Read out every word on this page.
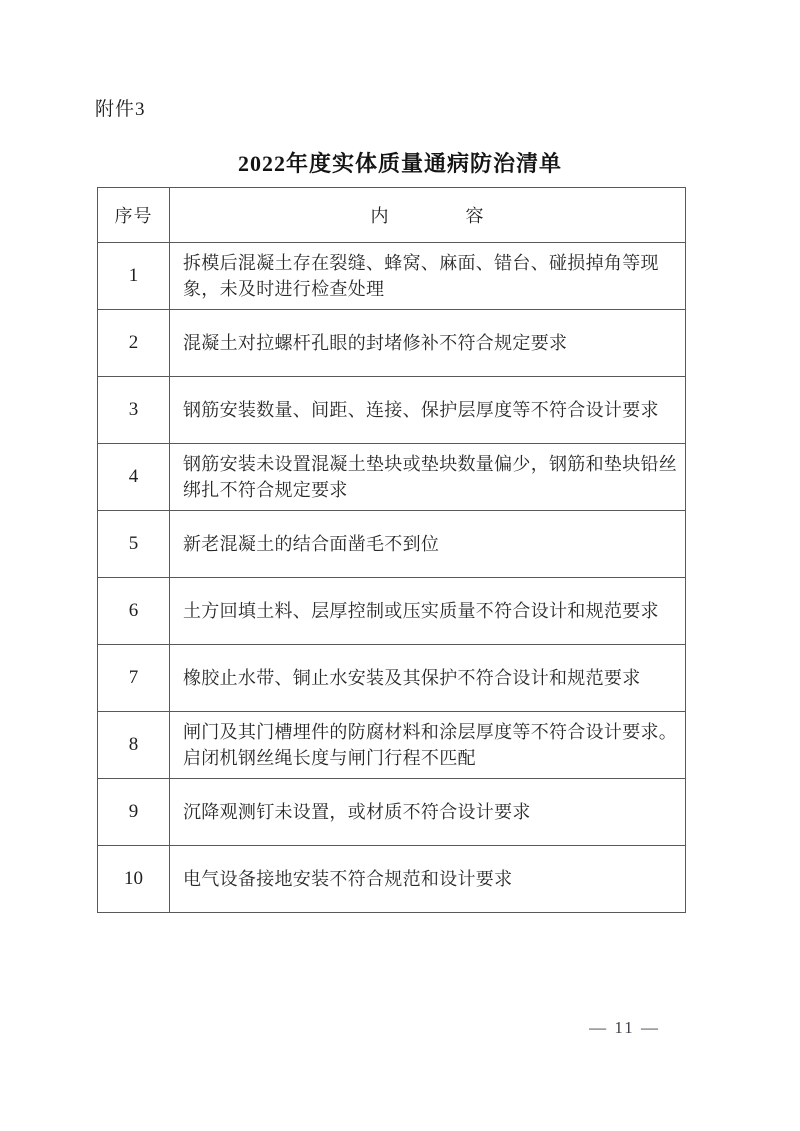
附件3
2022年度实体质量通病防治清单
序号	内　　　　容
1	拆模后混凝土存在裂缝、蜂窝、麻面、错台、碰损掉角等现象，未及时进行检查处理
2	混凝土对拉螺杆孔眼的封堵修补不符合规定要求
3	钢筋安装数量、间距、连接、保护层厚度等不符合设计要求
4	钢筋安装未设置混凝土垫块或垫块数量偏少，钢筋和垫块铅丝绑扎不符合规定要求
5	新老混凝土的结合面凿毛不到位
6	土方回填土料、层厚控制或压实质量不符合设计和规范要求
7	橡胶止水带、铜止水安装及其保护不符合设计和规范要求
8	闸门及其门槽埋件的防腐材料和涂层厚度等不符合设计要求。启闭机钢丝绳长度与闸门行程不匹配
9	沉降观测钉未设置，或材质不符合设计要求
10	电气设备接地安装不符合规范和设计要求
— 11 —
